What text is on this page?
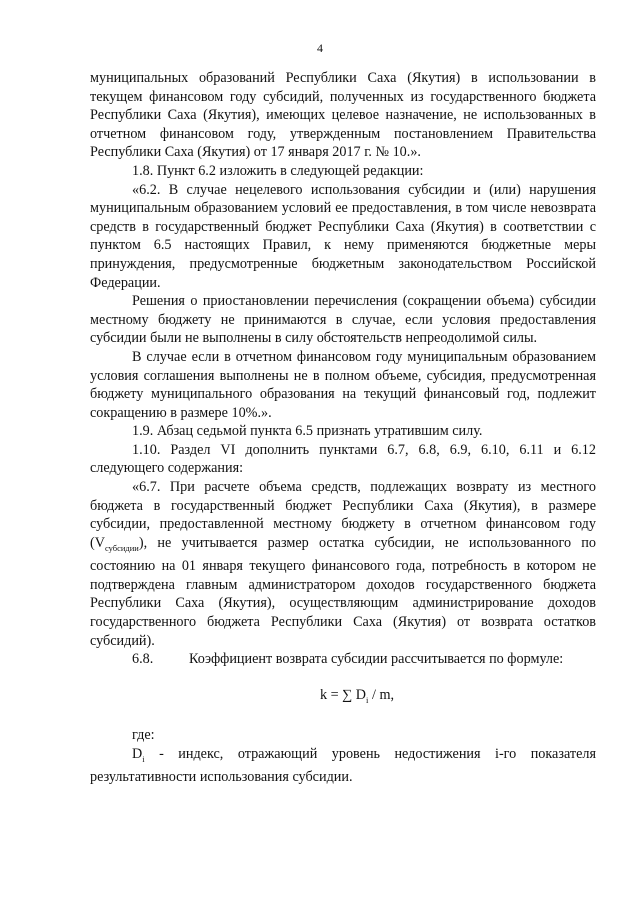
4

муниципальных образований Республики Саха (Якутия) в использовании в текущем финансовом году субсидий, полученных из государственного бюджета Республики Саха (Якутия), имеющих целевое назначение, не использованных в отчетном финансовом году, утвержденным постановлением Правительства Республики Саха (Якутия) от 17 января 2017 г. № 10.».

1.8. Пункт 6.2 изложить в следующей редакции:

«6.2. В случае нецелевого использования субсидии и (или) нарушения муниципальным образованием условий ее предоставления, в том числе невозврата средств в государственный бюджет Республики Саха (Якутия) в соответствии с пунктом 6.5 настоящих Правил, к нему применяются бюджетные меры принуждения, предусмотренные бюджетным законодательством Российской Федерации.

Решения о приостановлении перечисления (сокращении объема) субсидии местному бюджету не принимаются в случае, если условия предоставления субсидии были не выполнены в силу обстоятельств непреодолимой силы.

В случае если в отчетном финансовом году муниципальным образованием условия соглашения выполнены не в полном объеме, субсидия, предусмотренная бюджету муниципального образования на текущий финансовый год, подлежит сокращению в размере 10%.».

1.9. Абзац седьмой пункта 6.5 признать утратившим силу.

1.10. Раздел VI дополнить пунктами 6.7, 6.8, 6.9, 6.10, 6.11 и 6.12 следующего содержания:

«6.7. При расчете объема средств, подлежащих возврату из местного бюджета в государственный бюджет Республики Саха (Якутия), в размере субсидии, предоставленной местному бюджету в отчетном финансовом году $(V_{субсидии})$, не учитывается размер остатка субсидии, не использованного по состоянию на 01 января текущего финансового года, потребность в котором не подтверждена главным администратором доходов государственного бюджета Республики Саха (Якутия), осуществляющим администрирование доходов государственного бюджета Республики Саха (Якутия) от возврата остатков субсидий).

6.8.	Коэффициент возврата субсидии рассчитывается по формуле:
k = ∑ $D_i$ / m,

где:

$D_i$ - индекс, отражающий уровень недостижения i-го показателя результативности использования субсидии.
